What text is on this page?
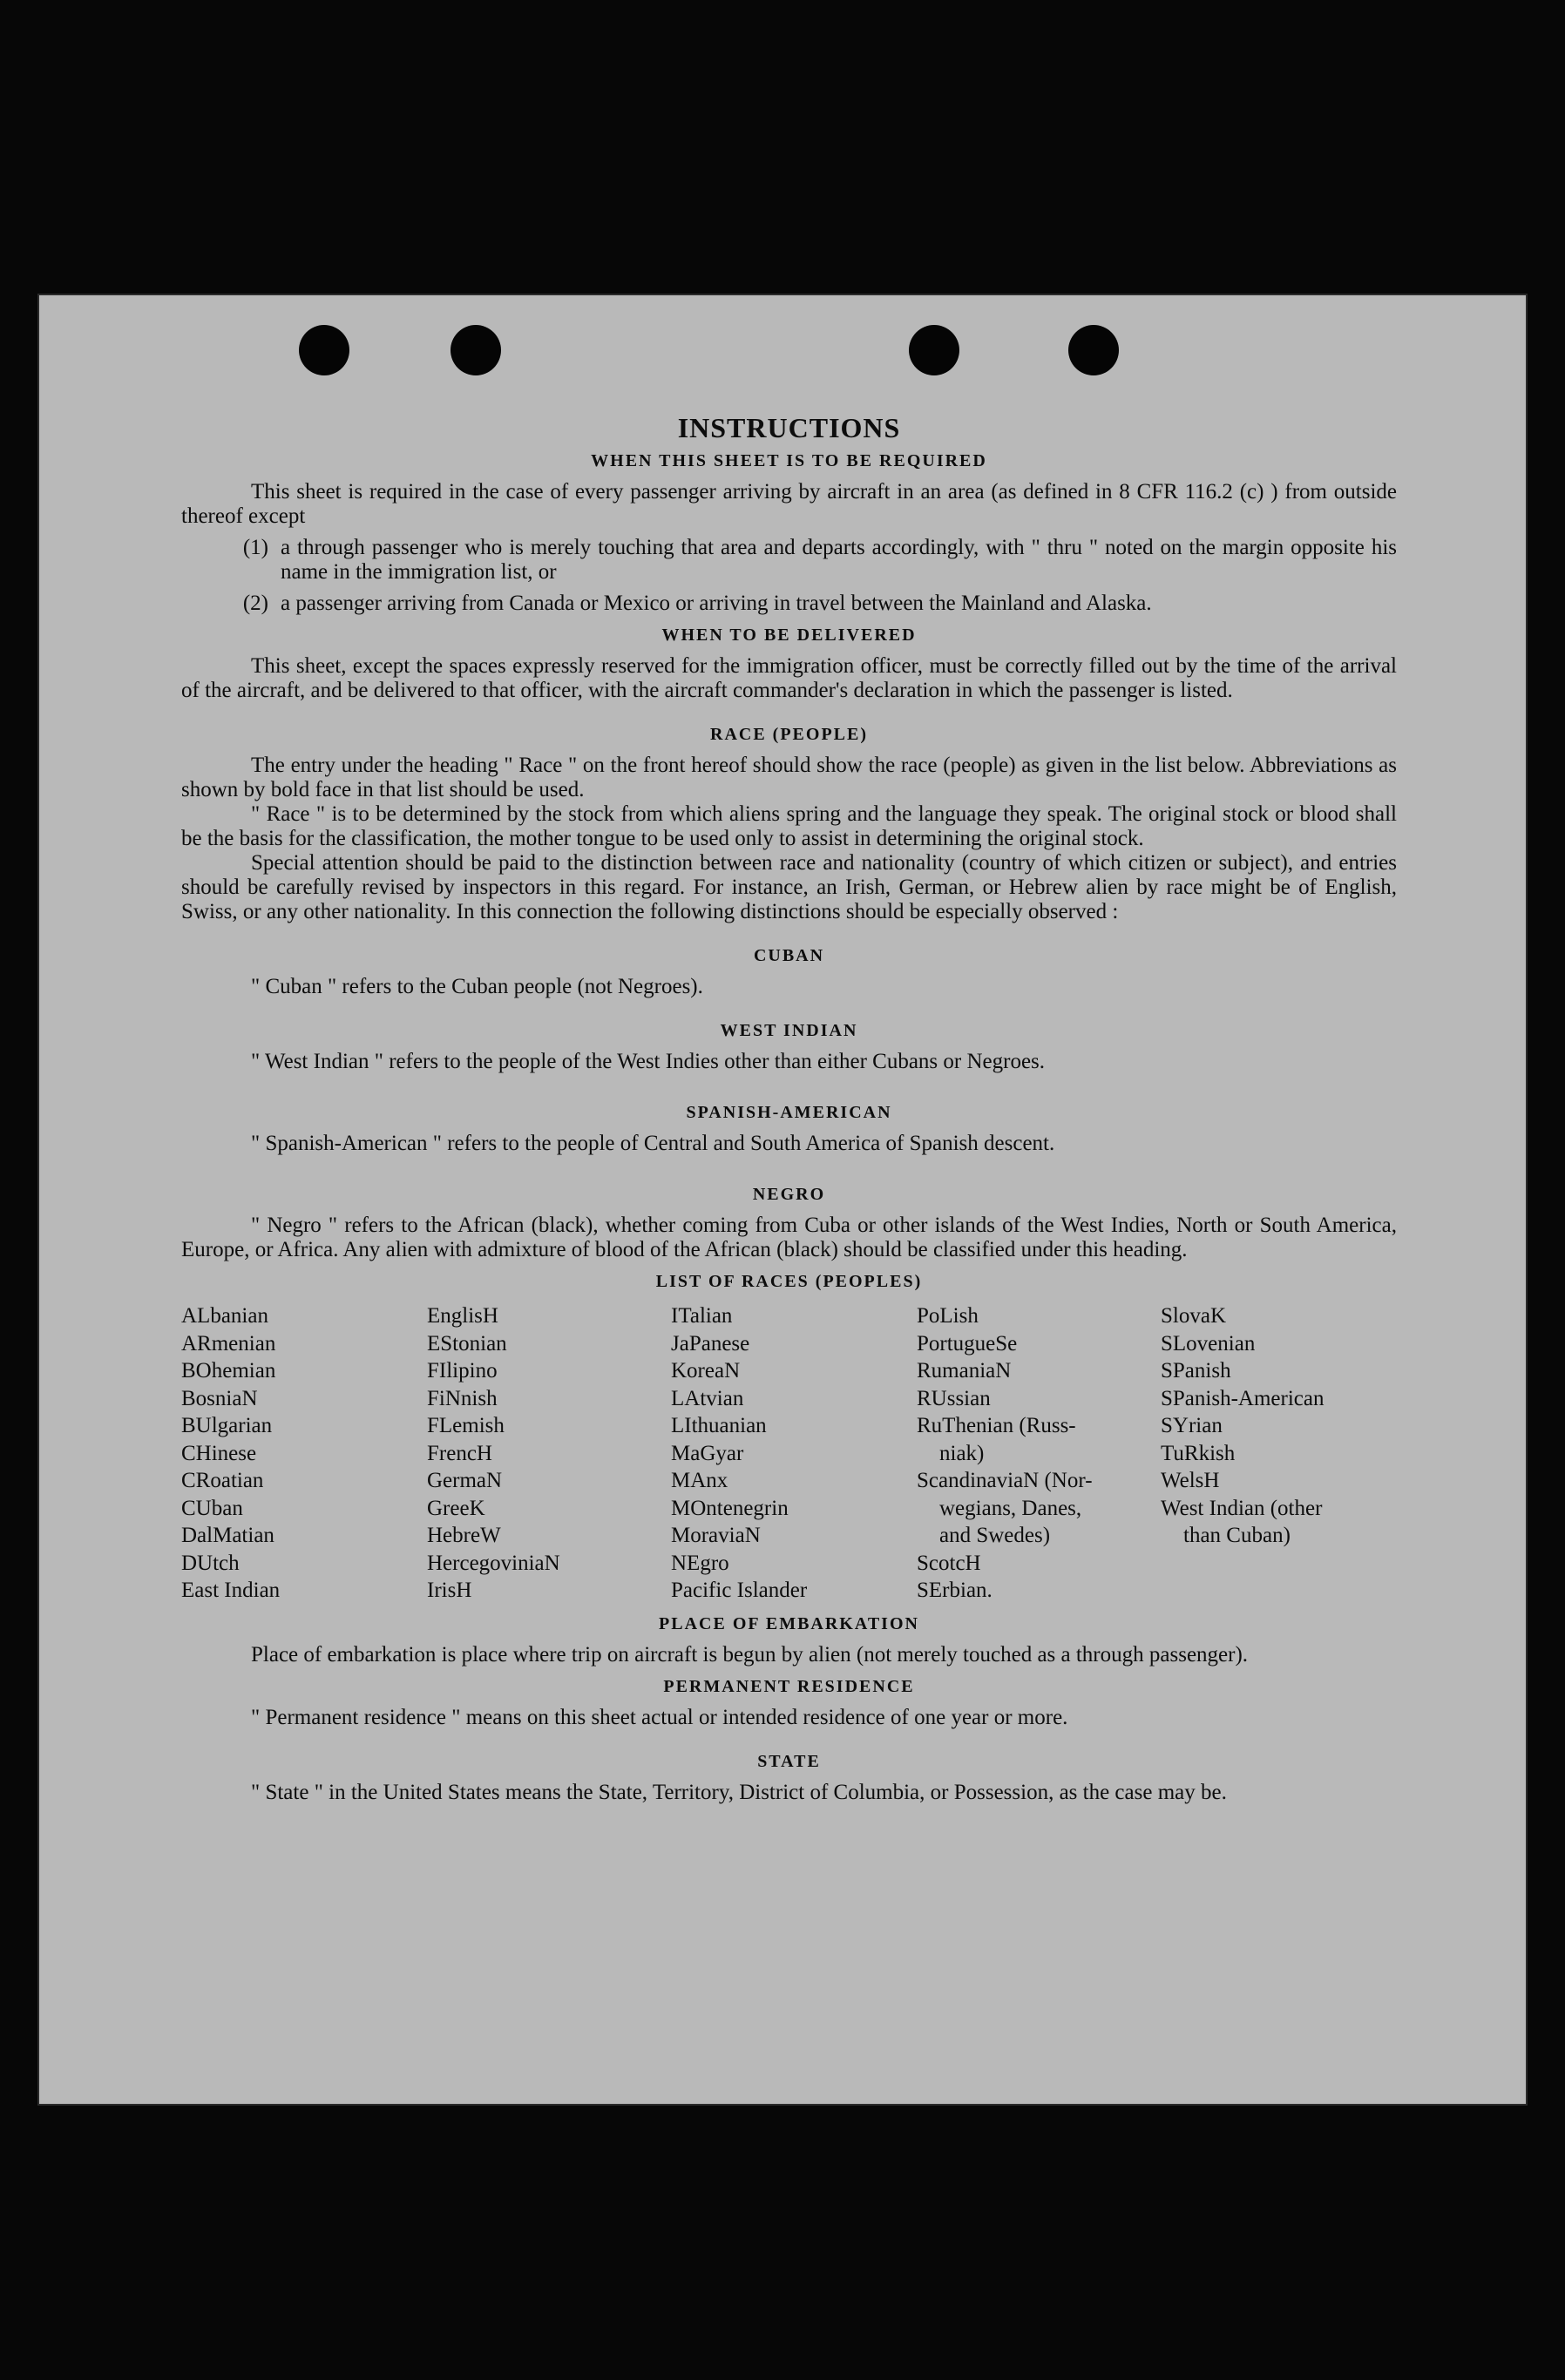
INSTRUCTIONS
WHEN THIS SHEET IS TO BE REQUIRED

This sheet is required in the case of every passenger arriving by aircraft in an area (as defined in 8 CFR 116.2 (c) ) from outside thereof except

(1) a through passenger who is merely touching that area and departs accordingly, with " thru " noted on the margin opposite his name in the immigration list, or
(2) a passenger arriving from Canada or Mexico or arriving in travel between the Mainland and Alaska.
WHEN TO BE DELIVERED

This sheet, except the spaces expressly reserved for the immigration officer, must be correctly filled out by the time of the arrival of the aircraft, and be delivered to that officer, with the aircraft commander's declaration in which the passenger is listed.

RACE (PEOPLE)

The entry under the heading " Race " on the front hereof should show the race (people) as given in the list below. Abbreviations as shown by bold face in that list should be used.

" Race " is to be determined by the stock from which aliens spring and the language they speak. The original stock or blood shall be the basis for the classification, the mother tongue to be used only to assist in determining the original stock.

Special attention should be paid to the distinction between race and nationality (country of which citizen or subject), and entries should be carefully revised by inspectors in this regard. For instance, an Irish, German, or Hebrew alien by race might be of English, Swiss, or any other nationality. In this connection the following distinctions should be especially observed :

CUBAN

" Cuban " refers to the Cuban people (not Negroes).

WEST INDIAN

" West Indian " refers to the people of the West Indies other than either Cubans or Negroes.

SPANISH-AMERICAN

" Spanish-American " refers to the people of Central and South America of Spanish descent.

NEGRO

" Negro " refers to the African (black), whether coming from Cuba or other islands of the West Indies, North or South America, Europe, or Africa. Any alien with admixture of blood of the African (black) should be classified under this heading.

LIST OF RACES (PEOPLES)
ALbanian
ARmenian
BOhemian
BosniaN
BUlgarian
CHinese
CRoatian
CUban
DalMatian
DUtch
East Indian
EnglisH
EStonian
FIlipino
FiNnish
FLemish
FrencH
GermaN
GreeK
HebreW
HercegoviniaN
IrisH
ITalian
JaPanese
KoreaN
LAtvian
LIthuanian
MaGyar
MAnx
MOntenegrin
MoraviaN
NEgro
Pacific Islander
PoLish
PortugueSe
RumaniaN
RUssian
RuThenian (Russ-
niak)
ScandinaviaN (Nor-
wegians, Danes,
and Swedes)
ScotcH
SErbian.
SlovaK
SLovenian
SPanish
SPanish-American
SYrian
TuRkish
WelsH
West Indian (other
than Cuban)
PLACE OF EMBARKATION

Place of embarkation is place where trip on aircraft is begun by alien (not merely touched as a through passenger).

PERMANENT RESIDENCE

" Permanent residence " means on this sheet actual or intended residence of one year or more.

STATE

" State " in the United States means the State, Territory, District of Columbia, or Possession, as the case may be.
